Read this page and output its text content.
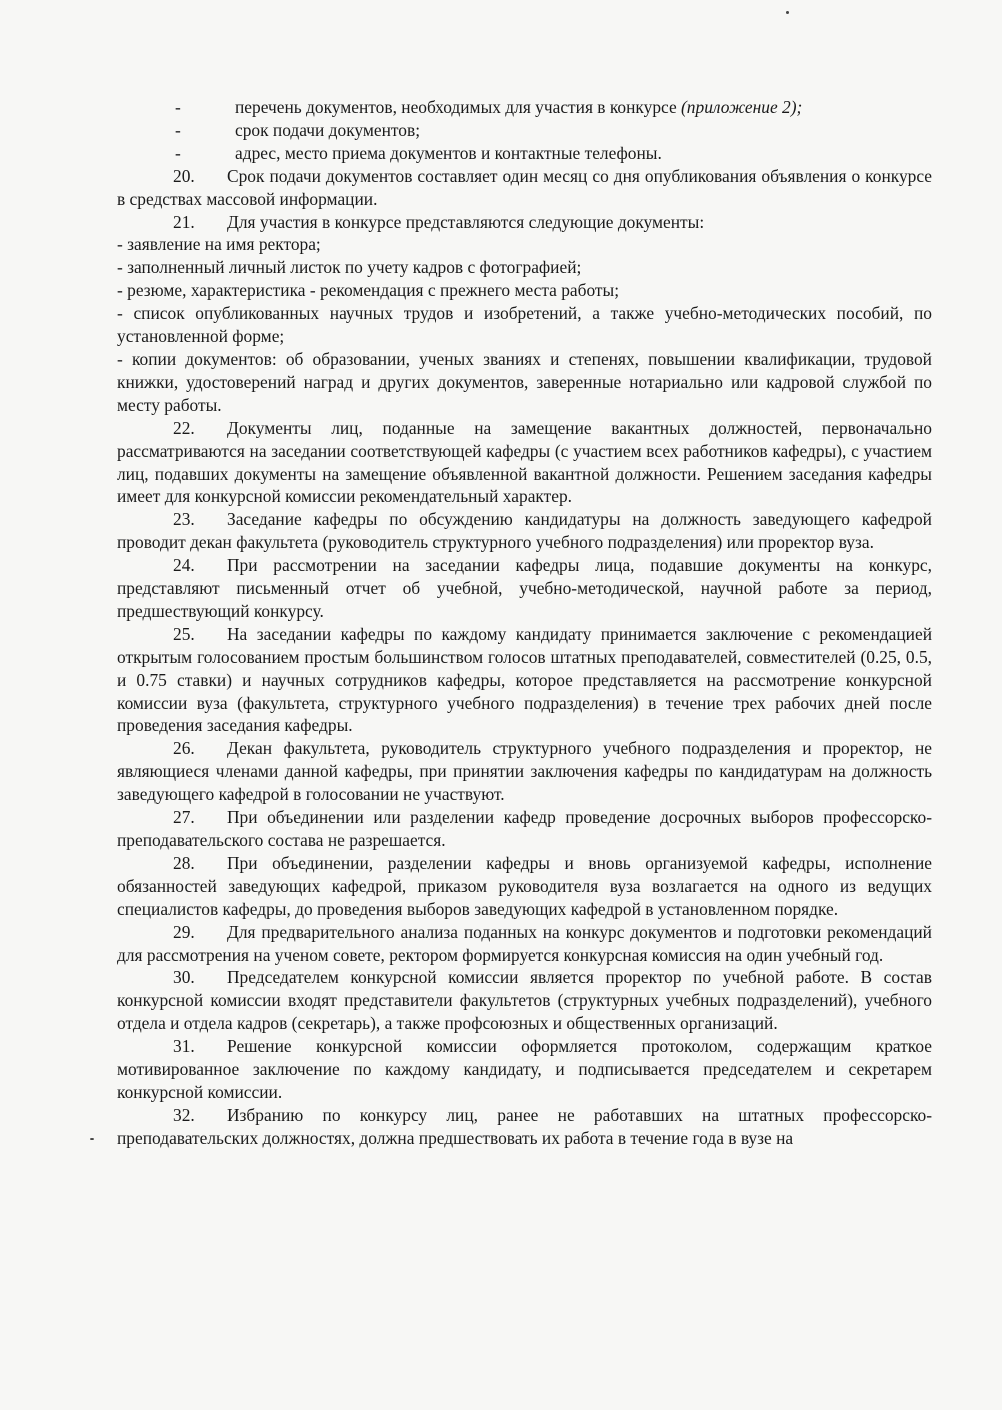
-	перечень документов, необходимых для участия в конкурсе (приложение 2);
-	срок подачи документов;
-	адрес, место приема документов и контактные телефоны.

20. Срок подачи документов составляет один месяц со дня опубликования объявления о конкурсе в средствах массовой информации.

21. Для участия в конкурсе представляются следующие документы:

- заявление на имя ректора;

- заполненный личный листок по учету кадров с фотографией;

- резюме, характеристика - рекомендация с прежнего места работы;

- список опубликованных научных трудов и изобретений, а также учебно-методических пособий, по установленной форме;

- копии документов: об образовании, ученых званиях и степенях, повышении квалификации, трудовой книжки, удостоверений наград и других документов, заверенные нотариально или кадровой службой по месту работы.

22. Документы лиц, поданные на замещение вакантных должностей, первоначально рассматриваются на заседании соответствующей кафедры (с участием всех работников кафедры), с участием лиц, подавших документы на замещение объявленной вакантной должности. Решением заседания кафедры имеет для конкурсной комиссии рекомендательный характер.

23. Заседание кафедры по обсуждению кандидатуры на должность заведующего кафедрой проводит декан факультета (руководитель структурного учебного подразделения) или проректор вуза.

24. При рассмотрении на заседании кафедры лица, подавшие документы на конкурс, представляют письменный отчет об учебной, учебно-методической, научной работе за период, предшествующий конкурсу.

25. На заседании кафедры по каждому кандидату принимается заключение с рекомендацией открытым голосованием простым большинством голосов штатных преподавателей, совместителей (0.25, 0.5, и 0.75 ставки) и научных сотрудников кафедры, которое представляется на рассмотрение конкурсной комиссии вуза (факультета, структурного учебного подразделения) в течение трех рабочих дней после проведения заседания кафедры.

26. Декан факультета, руководитель структурного учебного подразделения и проректор, не являющиеся членами данной кафедры, при принятии заключения кафедры по кандидатурам на должность заведующего кафедрой в голосовании не участвуют.

27. При объединении или разделении кафедр проведение досрочных выборов профессорско-преподавательского состава не разрешается.

28. При объединении, разделении кафедры и вновь организуемой кафедры, исполнение обязанностей заведующих кафедрой, приказом руководителя вуза возлагается на одного из ведущих специалистов кафедры, до проведения выборов заведующих кафедрой в установленном порядке.

29. Для предварительного анализа поданных на конкурс документов и подготовки рекомендаций для рассмотрения на ученом совете, ректором формируется конкурсная комиссия на один учебный год.

30. Председателем конкурсной комиссии является проректор по учебной работе. В состав конкурсной комиссии входят представители факультетов (структурных учебных подразделений), учебного отдела и отдела кадров (секретарь), а также профсоюзных и общественных организаций.

31. Решение конкурсной комиссии оформляется протоколом, содержащим краткое мотивированное заключение по каждому кандидату, и подписывается председателем и секретарем конкурсной комиссии.

32. Избранию по конкурсу лиц, ранее не работавших на штатных профессорско-преподавательских должностях, должна предшествовать их работа в течение года в вузе на
